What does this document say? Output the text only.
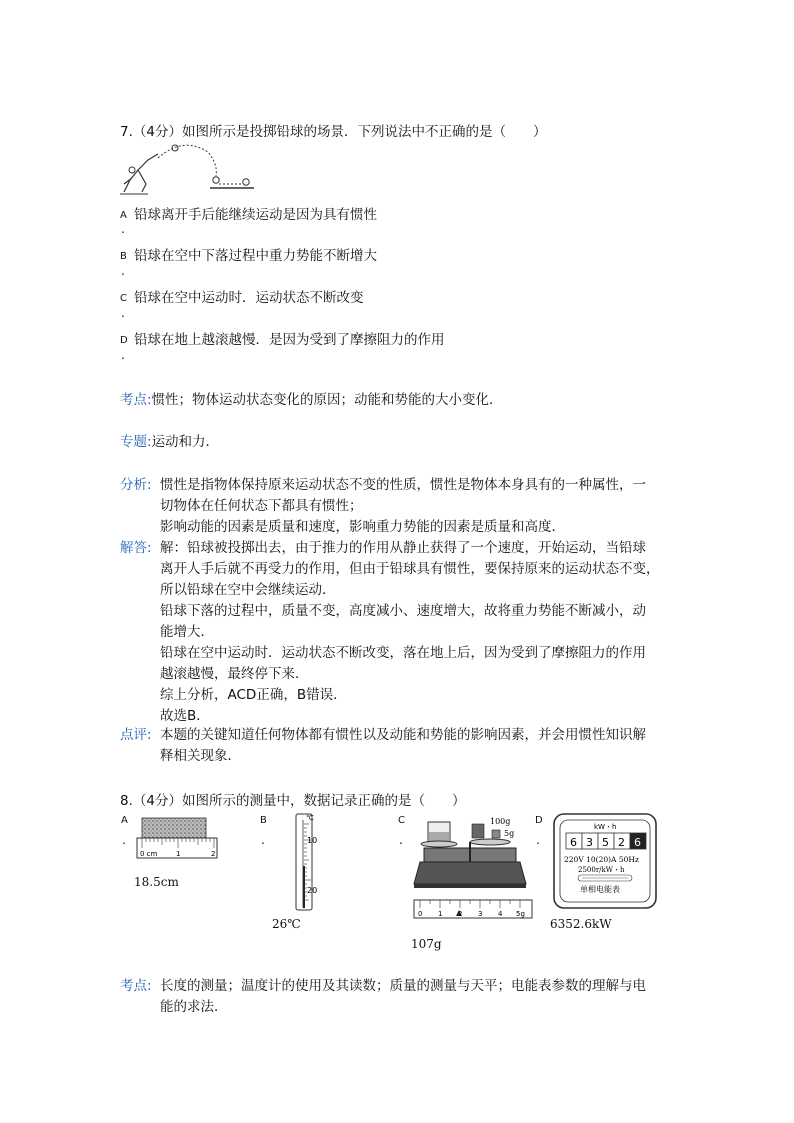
7.（4分）如图所示是投掷铅球的场景．下列说法中不正确的是（　　）
A 铅球离开手后能继续运动是因为具有惯性
.
B 铅球在空中下落过程中重力势能不断增大
.
C 铅球在空中运动时．运动状态不断改变
.
D 铅球在地上越滚越慢．是因为受到了摩擦阻力的作用
.
考点:惯性；物体运动状态变化的原因；动能和势能的大小变化．
专题:运动和力．
分析: 惯性是指物体保持原来运动状态不变的性质，惯性是物体本身具有的一种属性，一
切物体在任何状态下都具有惯性；
影响动能的因素是质量和速度，影响重力势能的因素是质量和高度．
解答: 解：铅球被投掷出去，由于推力的作用从静止获得了一个速度，开始运动，当铅球
离开人手后就不再受力的作用，但由于铅球具有惯性，要保持原来的运动状态不变，
所以铅球在空中会继续运动．
铅球下落的过程中，质量不变，高度减小、速度增大，故将重力势能不断减小，动
能增大．
铅球在空中运动时．运动状态不断改变，落在地上后，因为受到了摩擦阻力的作用
越滚越慢，最终停下来．
综上分析，ACD正确，B错误．
故选B．
点评: 本题的关键知道任何物体都有惯性以及动能和势能的影响因素，并会用惯性知识解
释相关现象．
8.（4分）如图所示的测量中，数据记录正确的是（　　）
A
.
0 cm	1	2
18.5cm
B
.
℃
10
20
26℃
C
.
100g
5g
0 1 2 3 4 5g
107g
D
.
kW・h
6 3 5 2 6
220V 10(20)A 50Hz
2500r/kW・h
单相电能表
6352.6kW
考点: 长度的测量；温度计的使用及其读数；质量的测量与天平；电能表参数的理解与电
能的求法．
